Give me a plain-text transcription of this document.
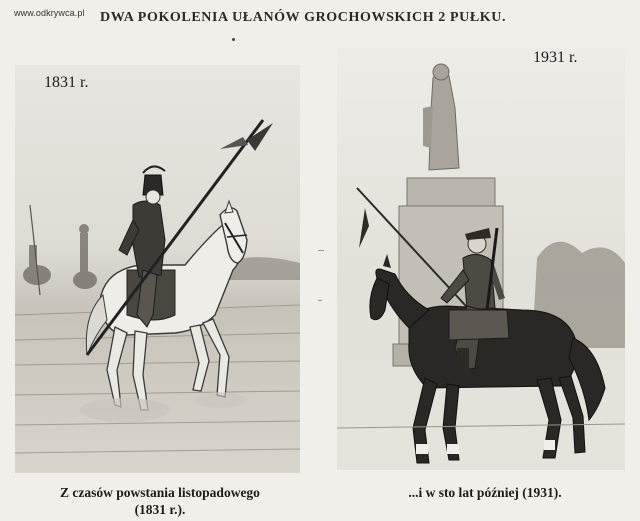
www.odkrywca.pl DWA POKOLENIA UŁANÓW GROCHOWSKICH 2 PUŁKU.
1831 r.
1931 r.
Z czasów powstania listopadowego
(1831 r.).
...i w sto lat później (1931).
